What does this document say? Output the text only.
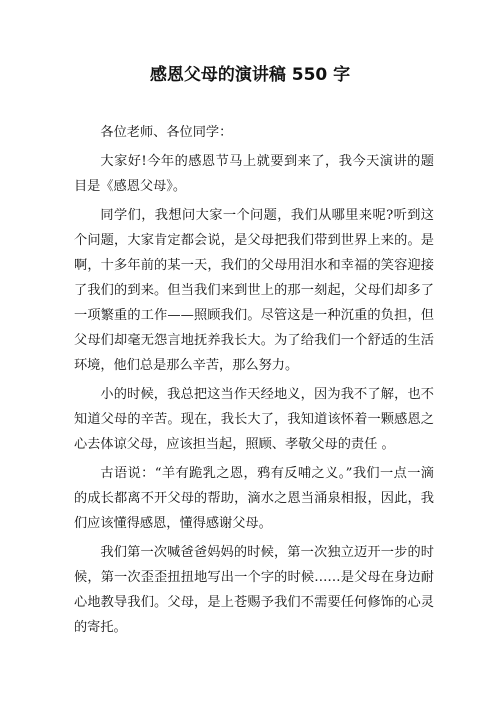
感恩父母的演讲稿 550 字

各位老师、各位同学：

大家好!今年的感恩节马上就要到来了，我今天演讲的题目是《感恩父母》。

同学们，我想问大家一个问题，我们从哪里来呢?听到这个问题，大家肯定都会说，是父母把我们带到世界上来的。是啊，十多年前的某一天，我们的父母用泪水和幸福的笑容迎接了我们的到来。但当我们来到世上的那一刻起，父母们却多了一项繁重的工作——照顾我们。尽管这是一种沉重的负担，但父母们却毫无怨言地抚养我长大。为了给我们一个舒适的生活环境，他们总是那么辛苦，那么努力。

小的时候，我总把这当作天经地义，因为我不了解，也不知道父母的辛苦。现在，我长大了，我知道该怀着一颗感恩之心去体谅父母，应该担当起，照顾、孝敬父母的责任 。

古语说：“羊有跪乳之恩，鸦有反哺之义。”我们一点一滴的成长都离不开父母的帮助，滴水之恩当涌泉相报，因此，我们应该懂得感恩，懂得感谢父母。

我们第一次喊爸爸妈妈的时候，第一次独立迈开一步的时候，第一次歪歪扭扭地写出一个字的时候……是父母在身边耐心地教导我们。父母，是上苍赐予我们不需要任何修饰的心灵的寄托。
